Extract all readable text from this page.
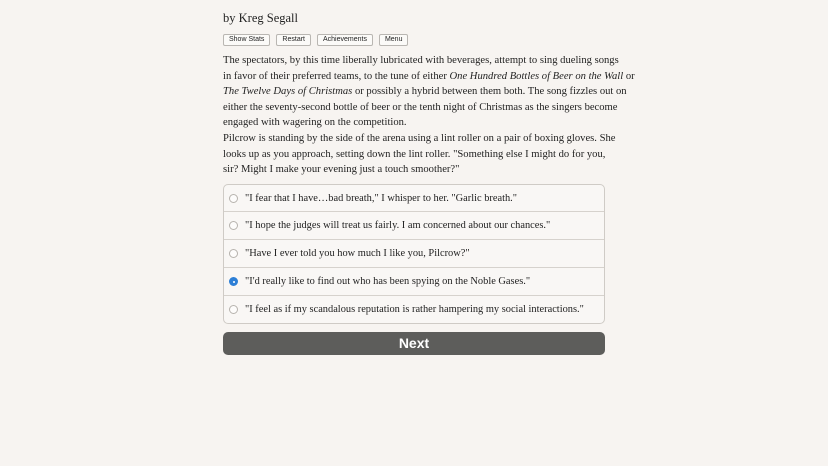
by Kreg Segall
Show Stats	Restart	Achievements	Menu

The spectators, by this time liberally lubricated with beverages, attempt to sing dueling songs
in favor of their preferred teams, to the tune of either One Hundred Bottles of Beer on the Wall or
The Twelve Days of Christmas or possibly a hybrid between them both. The song fizzles out on
either the seventy-second bottle of beer or the tenth night of Christmas as the singers become
engaged with wagering on the competition.

Pilcrow is standing by the side of the arena using a lint roller on a pair of boxing gloves. She
looks up as you approach, setting down the lint roller. "Something else I might do for you,
sir? Might I make your evening just a touch smoother?"

"I fear that I have…bad breath," I whisper to her. "Garlic breath."
"I hope the judges will treat us fairly. I am concerned about our chances."
"Have I ever told you how much I like you, Pilcrow?"
"I'd really like to find out who has been spying on the Noble Gases."
"I feel as if my scandalous reputation is rather hampering my social interactions."
Next
